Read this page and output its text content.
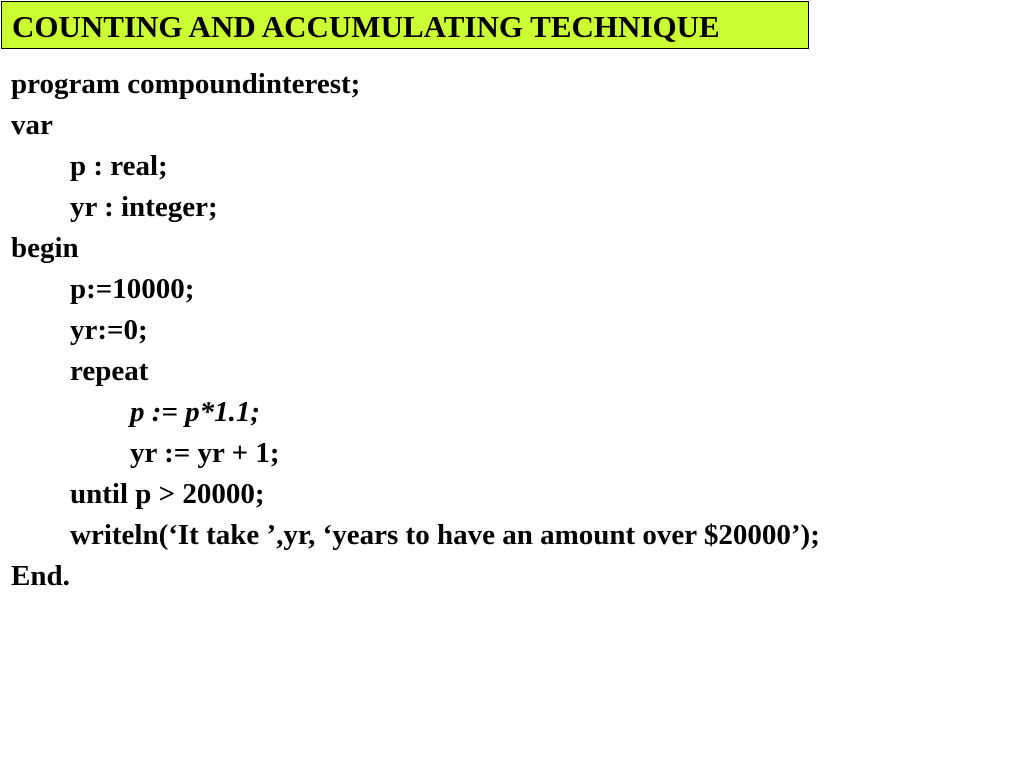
COUNTING AND ACCUMULATING TECHNIQUE
program compoundinterest;
var
p : real;
yr : integer;
begin
p:=10000;
yr:=0;
repeat
p := p*1.1;
yr := yr + 1;
until p > 20000;
writeln(‘It take ’,yr, ‘years to have an amount over $20000’);
End.
